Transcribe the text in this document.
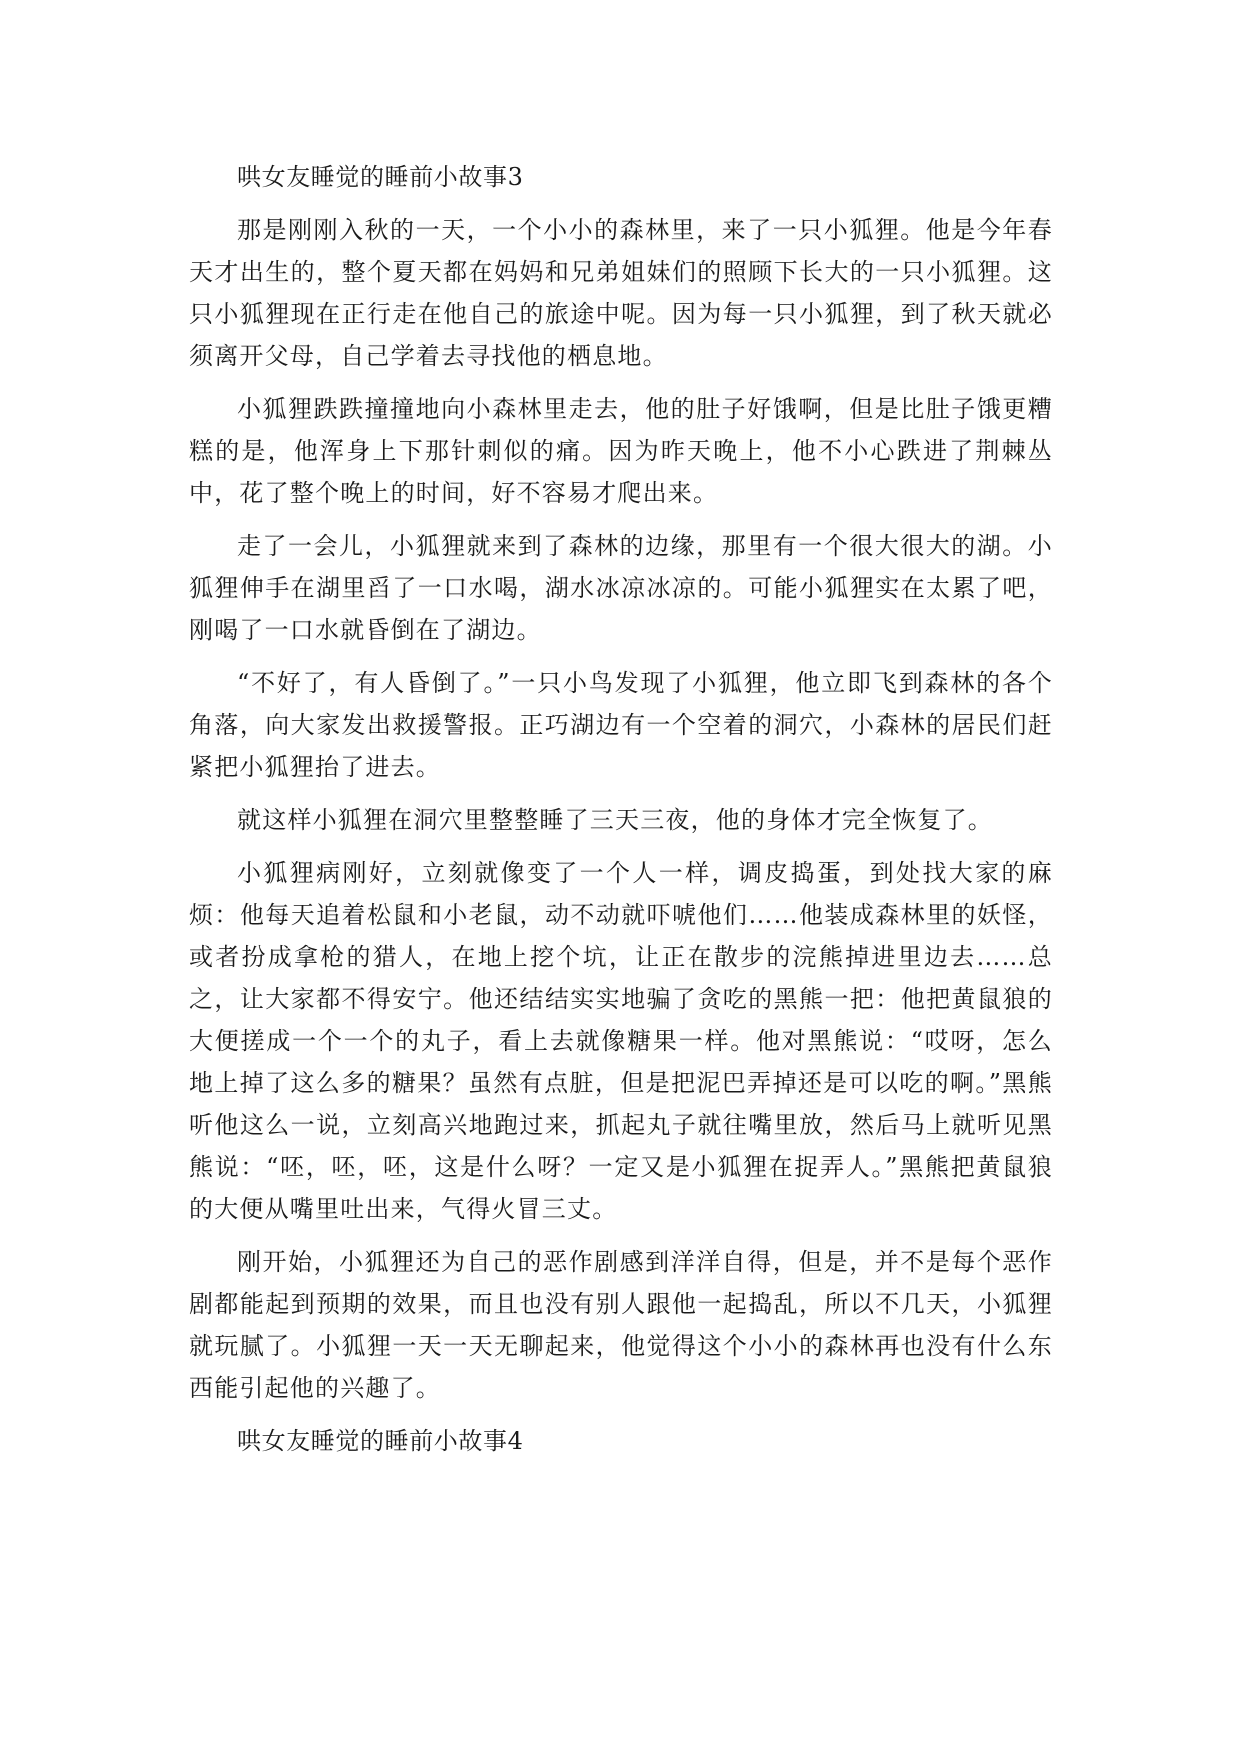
哄女友睡觉的睡前小故事3

那是刚刚入秋的一天，一个小小的森林里，来了一只小狐狸。他是今年春天才出生的，整个夏天都在妈妈和兄弟姐妹们的照顾下长大的一只小狐狸。这只小狐狸现在正行走在他自己的旅途中呢。因为每一只小狐狸，到了秋天就必须离开父母，自己学着去寻找他的栖息地。

小狐狸跌跌撞撞地向小森林里走去，他的肚子好饿啊，但是比肚子饿更糟糕的是，他浑身上下那针刺似的痛。因为昨天晚上，他不小心跌进了荆棘丛中，花了整个晚上的时间，好不容易才爬出来。

走了一会儿，小狐狸就来到了森林的边缘，那里有一个很大很大的湖。小狐狸伸手在湖里舀了一口水喝，湖水冰凉冰凉的。可能小狐狸实在太累了吧，刚喝了一口水就昏倒在了湖边。

“不好了，有人昏倒了。”一只小鸟发现了小狐狸，他立即飞到森林的各个角落，向大家发出救援警报。正巧湖边有一个空着的洞穴，小森林的居民们赶紧把小狐狸抬了进去。

就这样小狐狸在洞穴里整整睡了三天三夜，他的身体才完全恢复了。

小狐狸病刚好，立刻就像变了一个人一样，调皮捣蛋，到处找大家的麻烦：他每天追着松鼠和小老鼠，动不动就吓唬他们……他装成森林里的妖怪，或者扮成拿枪的猎人，在地上挖个坑，让正在散步的浣熊掉进里边去……总之，让大家都不得安宁。他还结结实实地骗了贪吃的黑熊一把：他把黄鼠狼的大便搓成一个一个的丸子，看上去就像糖果一样。他对黑熊说：“哎呀，怎么地上掉了这么多的糖果？虽然有点脏，但是把泥巴弄掉还是可以吃的啊。”黑熊听他这么一说，立刻高兴地跑过来，抓起丸子就往嘴里放，然后马上就听见黑熊说：“呸，呸，呸，这是什么呀？一定又是小狐狸在捉弄人。”黑熊把黄鼠狼的大便从嘴里吐出来，气得火冒三丈。

刚开始，小狐狸还为自己的恶作剧感到洋洋自得，但是，并不是每个恶作剧都能起到预期的效果，而且也没有别人跟他一起捣乱，所以不几天，小狐狸就玩腻了。小狐狸一天一天无聊起来，他觉得这个小小的森林再也没有什么东西能引起他的兴趣了。

哄女友睡觉的睡前小故事4
